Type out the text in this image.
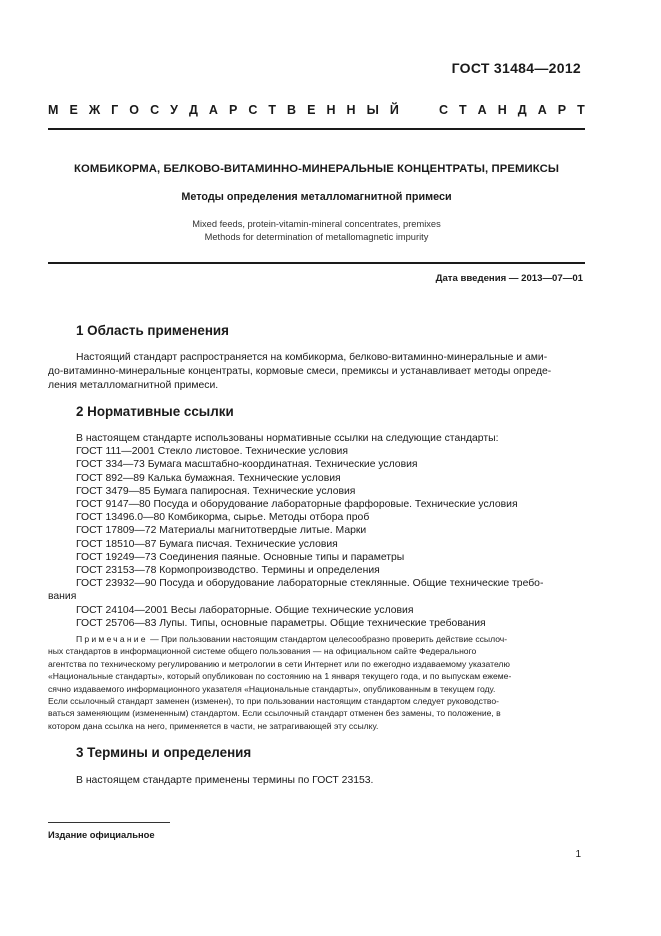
ГОСТ 31484—2012
М Е Ж Г О С У Д А Р С Т В Е Н Н Ы Й	С Т А Н Д А Р Т
КОМБИКОРМА, БЕЛКОВО-ВИТАМИННО-МИНЕРАЛЬНЫЕ КОНЦЕНТРАТЫ, ПРЕМИКСЫ
Методы определения металломагнитной примеси
Mixed feeds, protein-vitamin-mineral concentrates, premixes
Methods for determination of metallomagnetic impurity
Дата введения — 2013—07—01
1 Область применения

Настоящий стандарт распространяется на комбикорма, белково-витаминно-минеральные и ами-

до-витаминно-минеральные концентраты, кормовые смеси, премиксы и устанавливает методы опреде-

ления металломагнитной примеси.

2 Нормативные ссылки
В настоящем стандарте использованы нормативные ссылки на следующие стандарты:
ГОСТ 111—2001 Стекло листовое. Технические условия
ГОСТ 334—73 Бумага масштабно-координатная. Технические условия
ГОСТ 892—89 Калька бумажная. Технические условия
ГОСТ 3479—85 Бумага папиросная. Технические условия
ГОСТ 9147—80 Посуда и оборудование лабораторные фарфоровые. Технические условия
ГОСТ 13496.0—80 Комбикорма, сырье. Методы отбора проб
ГОСТ 17809—72 Материалы магнитотвердые литые. Марки
ГОСТ 18510—87 Бумага писчая. Технические условия
ГОСТ 19249—73 Соединения паяные. Основные типы и параметры
ГОСТ 23153—78 Кормопроизводство. Термины и определения
ГОСТ 23932—90 Посуда и оборудование лабораторные стеклянные. Общие технические требо-
вания
ГОСТ 24104—2001 Весы лабораторные. Общие технические условия
ГОСТ 25706—83 Лупы. Типы, основные параметры. Общие технические требования
Примечание — При пользовании настоящим стандартом целесообразно проверить действие ссылоч-
ных стандартов в информационной системе общего пользования — на официальном сайте Федерального
агентства по техническому регулированию и метрологии в сети Интернет или по ежегодно издаваемому указателю
«Национальные стандарты», который опубликован по состоянию на 1 января текущего года, и по выпускам ежеме-
сячно издаваемого информационного указателя «Национальные стандарты», опубликованным в текущем году.
Если ссылочный стандарт заменен (изменен), то при пользовании настоящим стандартом следует руководство-
ваться заменяющим (измененным) стандартом. Если ссылочный стандарт отменен без замены, то положение, в
котором дана ссылка на него, применяется в части, не затрагивающей эту ссылку.
3 Термины и определения
В настоящем стандарте применены термины по ГОСТ 23153.
Издание официальное
1
